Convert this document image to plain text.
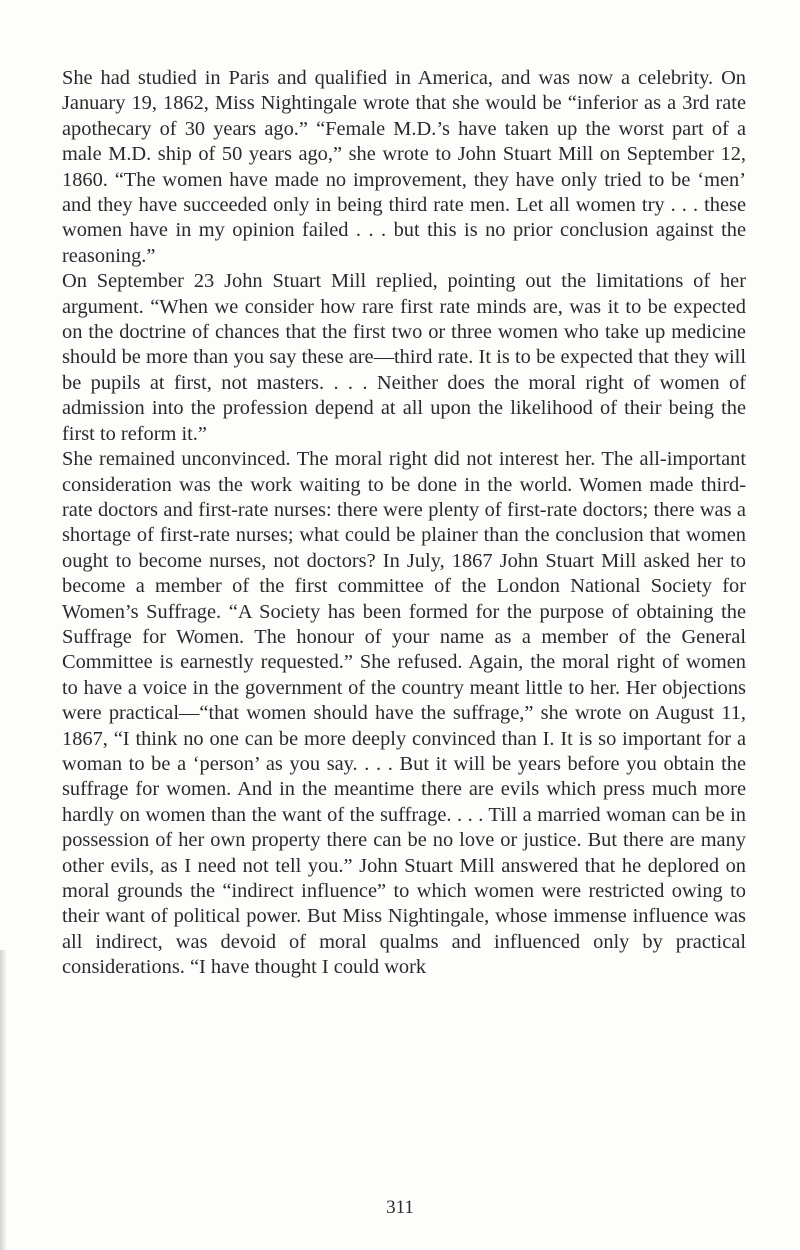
She had studied in Paris and qualified in America, and was now a celebrity. On January 19, 1862, Miss Nightingale wrote that she would be “inferior as a 3rd rate apothecary of 30 years ago.” “Female M.D.’s have taken up the worst part of a male M.D. ship of 50 years ago,” she wrote to John Stuart Mill on September 12, 1860. “The women have made no improvement, they have only tried to be ‘men’ and they have succeeded only in being third rate men. Let all women try . . . these women have in my opinion failed . . . but this is no prior conclusion against the reasoning.”

On September 23 John Stuart Mill replied, pointing out the limitations of her argument. “When we consider how rare first rate minds are, was it to be expected on the doctrine of chances that the first two or three women who take up medicine should be more than you say these are—third rate. It is to be expected that they will be pupils at first, not masters. . . . Neither does the moral right of women of admission into the profession depend at all upon the likelihood of their being the first to reform it.”

She remained unconvinced. The moral right did not interest her. The all-important consideration was the work waiting to be done in the world. Women made third-rate doctors and first-rate nurses: there were plenty of first-rate doctors; there was a shortage of first-rate nurses; what could be plainer than the conclusion that women ought to become nurses, not doctors? In July, 1867 John Stuart Mill asked her to become a member of the first committee of the London National Society for Women’s Suffrage. “A Society has been formed for the purpose of obtaining the Suffrage for Women. The honour of your name as a member of the General Committee is earnestly requested.” She refused. Again, the moral right of women to have a voice in the government of the country meant little to her. Her objections were practical—“that women should have the suffrage,” she wrote on August 11, 1867, “I think no one can be more deeply convinced than I. It is so important for a woman to be a ‘person’ as you say. . . . But it will be years before you obtain the suffrage for women. And in the meantime there are evils which press much more hardly on women than the want of the suffrage. . . . Till a married woman can be in possession of her own property there can be no love or justice. But there are many other evils, as I need not tell you.” John Stuart Mill answered that he deplored on moral grounds the “indirect influence” to which women were restricted owing to their want of political power. But Miss Nightingale, whose immense influence was all indirect, was devoid of moral qualms and influenced only by practical considerations. “I have thought I could work

311
